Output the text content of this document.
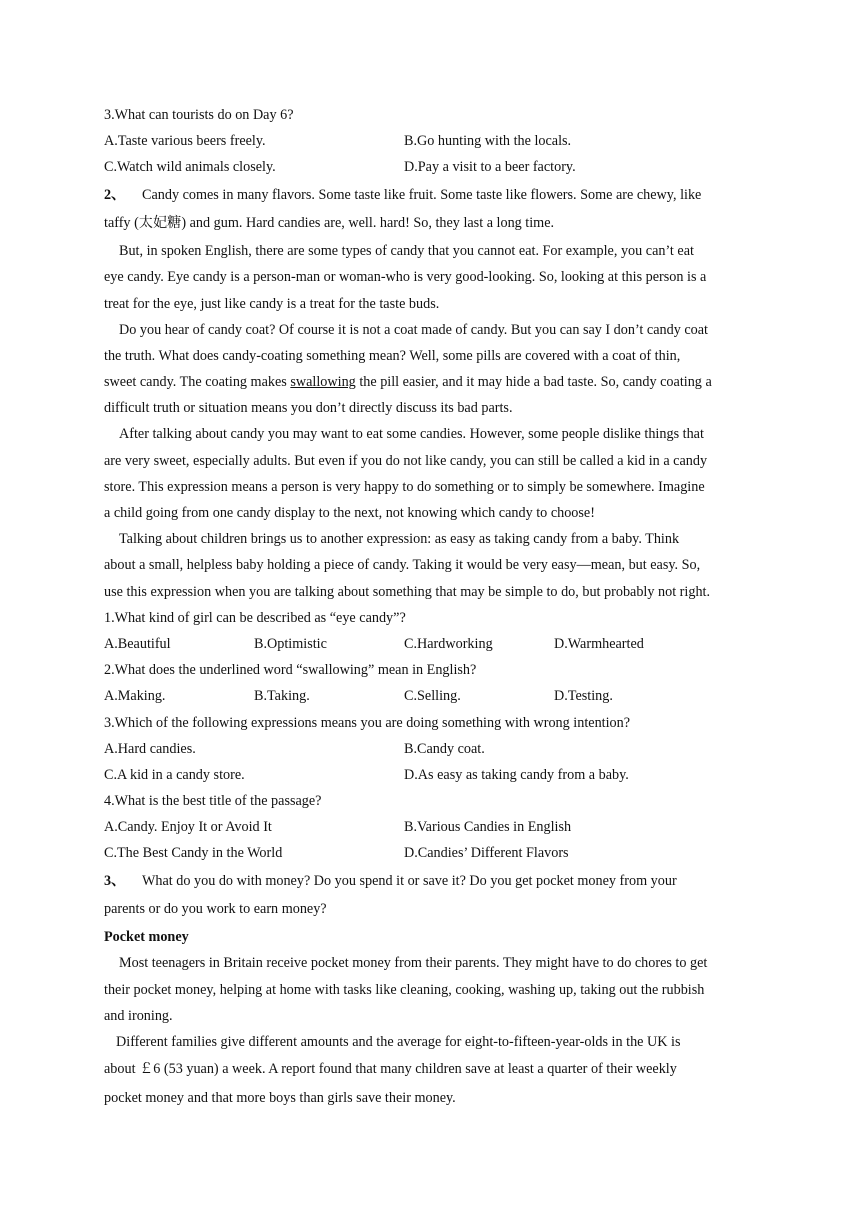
3.What can tourists do on Day 6?
A.Taste various beers freely.	B.Go hunting with the locals.
C.Watch wild animals closely.	D.Pay a visit to a beer factory.
2、 Candy comes in many flavors. Some taste like fruit. Some taste like flowers. Some are chewy, like
taffy (太妃糖) and gum. Hard candies are, well. hard! So, they last a long time.
But, in spoken English, there are some types of candy that you cannot eat. For example, you can’t eat
eye candy. Eye candy is a person-man or woman-who is very good-looking. So, looking at this person is a
treat for the eye, just like candy is a treat for the taste buds.
Do you hear of candy coat? Of course it is not a coat made of candy. But you can say I don’t candy coat
the truth. What does candy-coating something mean? Well, some pills are covered with a coat of thin,
sweet candy. The coating makes swallowing the pill easier, and it may hide a bad taste. So, candy coating a
difficult truth or situation means you don’t directly discuss its bad parts.
After talking about candy you may want to eat some candies. However, some people dislike things that
are very sweet, especially adults. But even if you do not like candy, you can still be called a kid in a candy
store. This expression means a person is very happy to do something or to simply be somewhere. Imagine
a child going from one candy display to the next, not knowing which candy to choose!
Talking about children brings us to another expression: as easy as taking candy from a baby. Think
about a small, helpless baby holding a piece of candy. Taking it would be very easy—mean, but easy. So,
use this expression when you are talking about something that may be simple to do, but probably not right.
1.What kind of girl can be described as “eye candy”?
A.Beautiful	B.Optimistic	C.Hardworking	D.Warmhearted
2.What does the underlined word “swallowing” mean in English?
A.Making.	B.Taking.	C.Selling.	D.Testing.
3.Which of the following expressions means you are doing something with wrong intention?
A.Hard candies.	B.Candy coat.
C.A kid in a candy store.	D.As easy as taking candy from a baby.
4.What is the best title of the passage?
A.Candy. Enjoy It or Avoid It	B.Various Candies in English
C.The Best Candy in the World	D.Candies’ Different Flavors
3、 What do you do with money? Do you spend it or save it? Do you get pocket money from your
parents or do you work to earn money?
Pocket money
Most teenagers in Britain receive pocket money from their parents. They might have to do chores to get
their pocket money, helping at home with tasks like cleaning, cooking, washing up, taking out the rubbish
and ironing.
Different families give different amounts and the average for eight-to-fifteen-year-olds in the UK is
about ￡6 (53 yuan) a week. A report found that many children save at least a quarter of their weekly
pocket money and that more boys than girls save their money.
